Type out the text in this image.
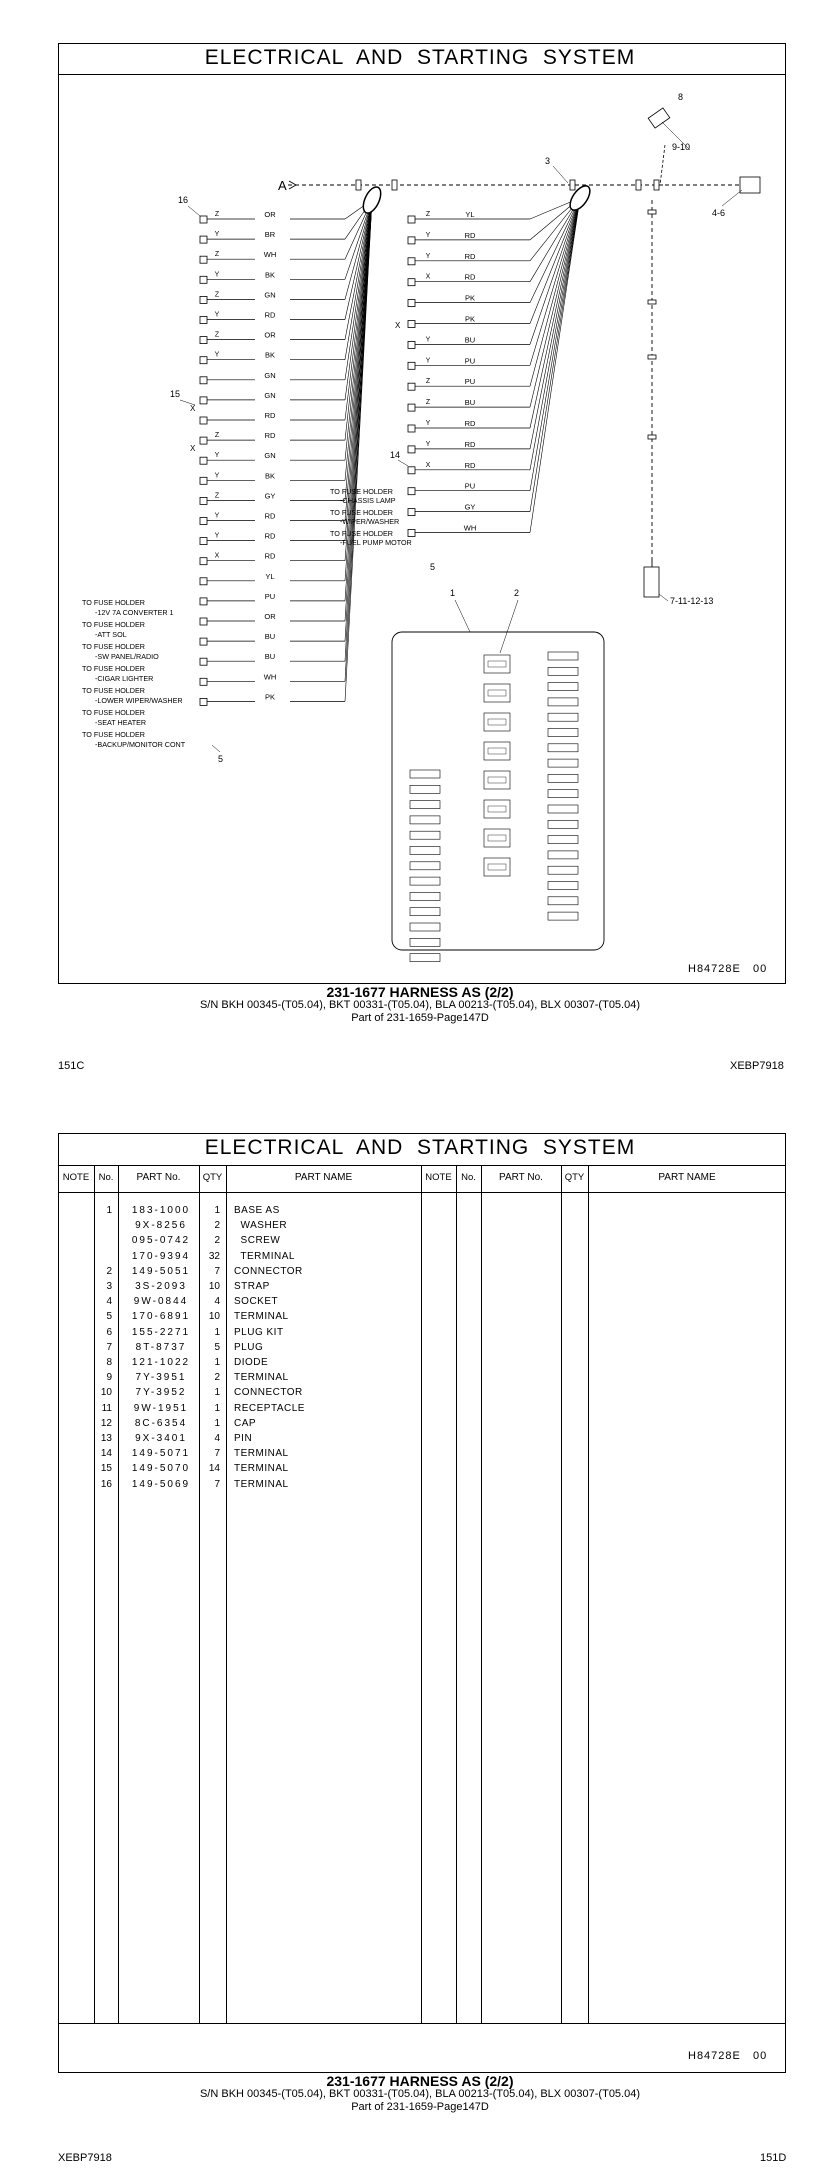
ELECTRICAL  AND  STARTING  SYSTEM
A
OR
Z
BR
Y
WH
Z
BK
Y
GN
Z
RD
Y
OR
Z
BK
Y
GN
GN
RD
RD
Z
GN
Y
BK
Y
GY
Z
RD
Y
RD
Y
RD
X
YL
PU
OR
BU
BU
WH
PK
TO FUSE HOLDER
-12V 7A CONVERTER 1
TO FUSE HOLDER
-ATT SOL
TO FUSE HOLDER
-SW PANEL/RADIO
TO FUSE HOLDER
-CIGAR LIGHTER
TO FUSE HOLDER
-LOWER WIPER/WASHER
TO FUSE HOLDER
-SEAT HEATER
TO FUSE HOLDER
-BACKUP/MONITOR CONT
YL
Z
RD
Y
RD
Y
RD
X
PK
PK
BU
Y
PU
Y
PU
Z
BU
Z
RD
Y
RD
Y
RD
X
PU
GY
WH
TO FUSE HOLDER
-CHASSIS LAMP
TO FUSE HOLDER
-WIPER/WASHER
TO FUSE HOLDER
-FUEL PUMP MOTOR
8
9-10
3
4-6
16
15
X
X
X
14
5
5
7-11-12-13
1	2
H84728E   00
231-1677 HARNESS AS (2/2)
S/N BKH 00345-(T05.04), BKT 00331-(T05.04), BLA 00213-(T05.04), BLX 00307-(T05.04)
Part of 231-1659-Page147D
151C	XEBP7918
ELECTRICAL  AND  STARTING  SYSTEM
NOTE No.	PART No.	QTY	PART NAME	NOTE No.	PART No.	QTY	PART NAME
1	183-1000	1 BASE AS
9X-8256	2 WASHER
095-0742	2 SCREW
170-9394	32 TERMINAL
2	149-5051	7 CONNECTOR
3	3S-2093	10 STRAP
4	9W-0844	4 SOCKET
5	170-6891	10 TERMINAL
6	155-2271	1 PLUG KIT
7	8T-8737	5 PLUG
8	121-1022	1 DIODE
9	7Y-3951	2 TERMINAL
10	7Y-3952	1 CONNECTOR
11	9W-1951	1 RECEPTACLE
12	8C-6354	1 CAP
13	9X-3401	4 PIN
14	149-5071	7 TERMINAL
15	149-5070	14 TERMINAL
16	149-5069	7 TERMINAL
H84728E   00
231-1677 HARNESS AS (2/2)
S/N BKH 00345-(T05.04), BKT 00331-(T05.04), BLA 00213-(T05.04), BLX 00307-(T05.04)
Part of 231-1659-Page147D
XEBP7918	151D
